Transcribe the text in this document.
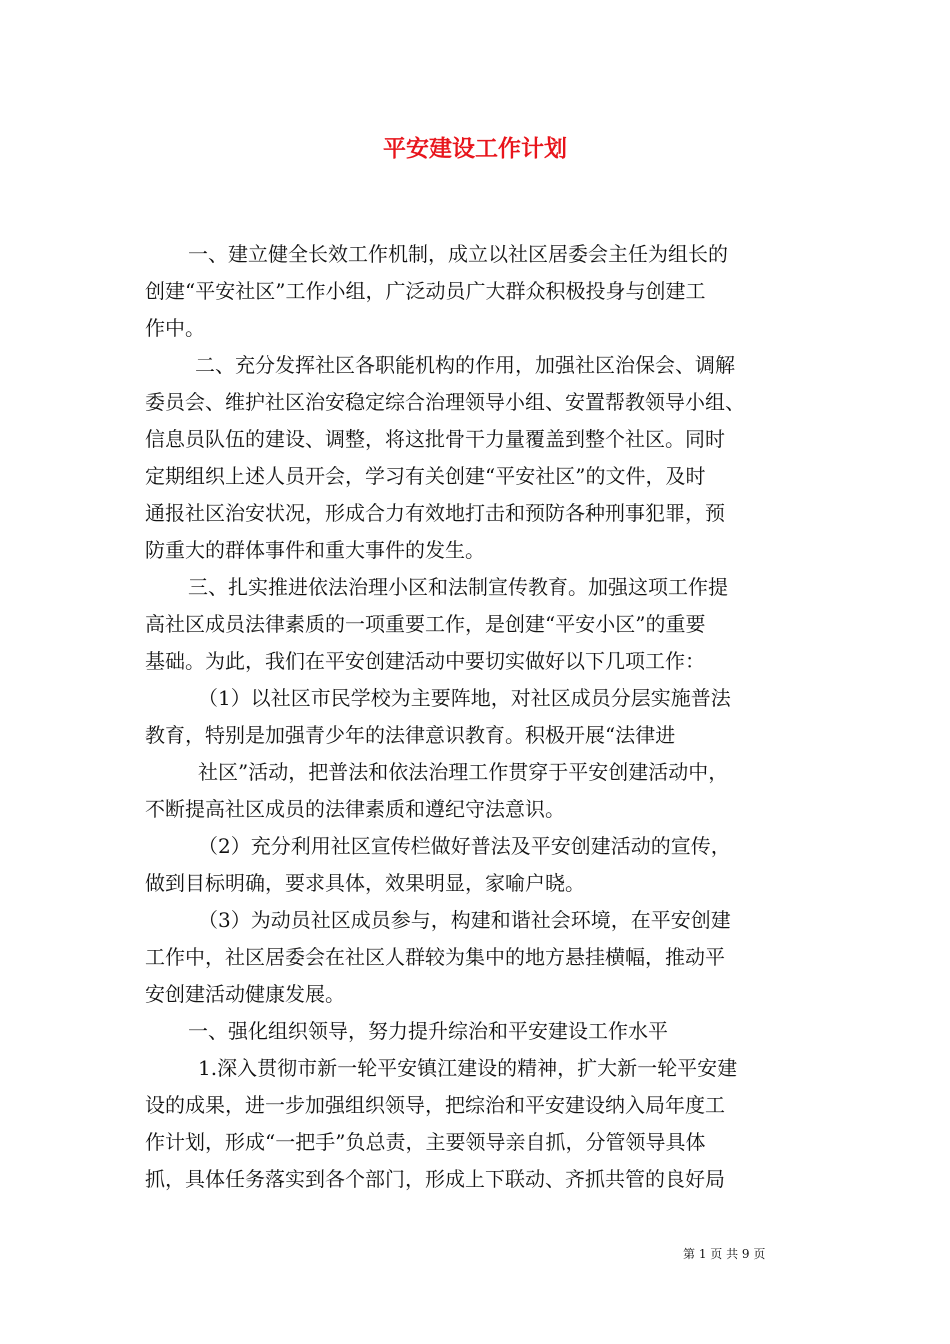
平安建设工作计划

一、建立健全长效工作机制，成立以社区居委会主任为组长的

创建“平安社区”工作小组，广泛动员广大群众积极投身与创建工

作中。

二、充分发挥社区各职能机构的作用，加强社区治保会、调解

委员会、维护社区治安稳定综合治理领导小组、安置帮教领导小组、

信息员队伍的建设、调整，将这批骨干力量覆盖到整个社区。同时

定期组织上述人员开会，学习有关创建“平安社区”的文件，及时

通报社区治安状况，形成合力有效地打击和预防各种刑事犯罪，预

防重大的群体事件和重大事件的发生。

三、扎实推进依法治理小区和法制宣传教育。加强这项工作提

高社区成员法律素质的一项重要工作，是创建“平安小区”的重要

基础。为此，我们在平安创建活动中要切实做好以下几项工作：

（1）以社区市民学校为主要阵地，对社区成员分层实施普法

教育，特别是加强青少年的法律意识教育。积极开展“法律进

社区”活动，把普法和依法治理工作贯穿于平安创建活动中，

不断提高社区成员的法律素质和遵纪守法意识。

（2）充分利用社区宣传栏做好普法及平安创建活动的宣传，

做到目标明确，要求具体，效果明显，家喻户晓。

（3）为动员社区成员参与，构建和谐社会环境，在平安创建

工作中，社区居委会在社区人群较为集中的地方悬挂横幅，推动平

安创建活动健康发展。

一、强化组织领导，努力提升综治和平安建设工作水平

1.深入贯彻市新一轮平安镇江建设的精神，扩大新一轮平安建

设的成果，进一步加强组织领导，把综治和平安建设纳入局年度工

作计划，形成“一把手”负总责，主要领导亲自抓，分管领导具体

抓，具体任务落实到各个部门，形成上下联动、齐抓共管的良好局

第 1 页 共 9 页
